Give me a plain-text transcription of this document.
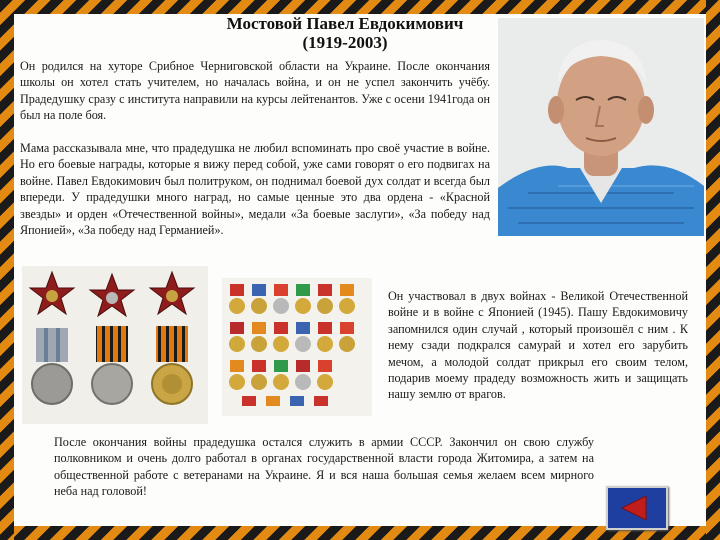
Мостовой Павел Евдокимович
(1919-2003)

Он родился на хуторе Срибное Черниговской области на Украине. После окончания школы он хотел стать учителем, но началась война, и он не успел закончить учёбу. Прадедушку сразу с института направили на курсы лейтенантов. Уже с осени 1941года он был на поле боя.

Мама рассказывала мне, что прадедушка не любил вспоминать про своё участие в войне. Но его боевые награды, которые я вижу перед собой, уже сами говорят о его подвигах на войне. Павел Евдокимович был политруком, он поднимал боевой дух солдат и всегда был впереди. У прадедушки много наград, но самые ценные это два ордена - «Красной звезды» и орден «Отечественной войны», медали «За боевые заслуги», «За победу над Японией», «За победу над Германией».

Он участвовал в двух войнах - Великой Отечественной войне и в войне с Японией (1945). Пашу Евдокимовичу запомнился один случай , который произошёл с ним . К нему сзади подкрался самурай и хотел его зарубить мечом, а молодой солдат прикрыл его своим телом, подарив моему прадеду возможность жить и защищать нашу землю от врагов.

После окончания войны прадедушка остался служить в армии СССР. Закончил он свою службу полковником и очень долго работал в органах государственной власти города Житомира, а затем на общественной работе с ветеранами на Украине. Я и вся наша большая семья желаем всем мирного неба над головой!
